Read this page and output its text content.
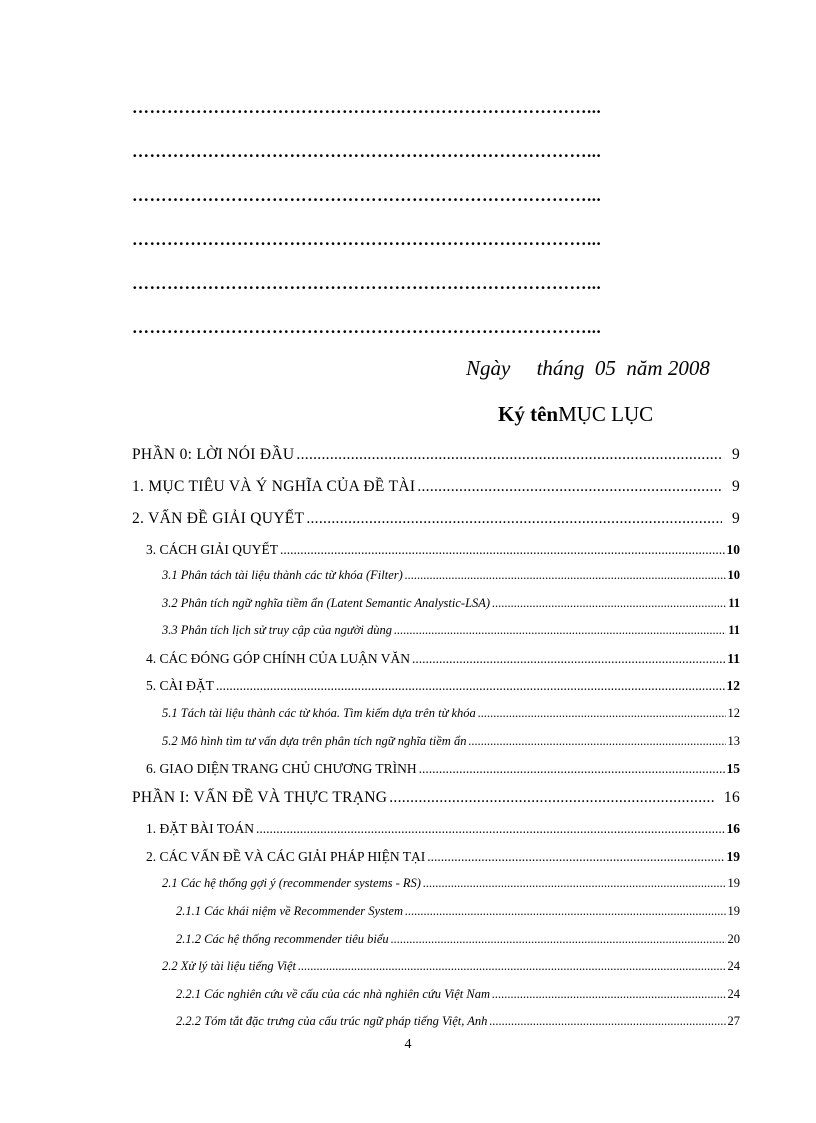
……………………………………………………………………...
……………………………………………………………………...
……………………………………………………………………...
……………………………………………………………………...
……………………………………………………………………...
……………………………………………………………………...
Ngày     tháng  05  năm 2008
Ký tênMỤC LỤC
PHẦN 0: LỜI NÓI ĐẦU .....	9
1. MỤC TIÊU VÀ Ý NGHĨA CỦA ĐỀ TÀI .....	9
2. VẤN ĐỀ GIẢI QUYẾT .....	9
3. CÁCH GIẢI QUYẾT .....	10
3.1 Phân tách tài liệu thành các từ khóa (Filter) .....	10
3.2 Phân tích ngữ nghĩa tiềm ẩn (Latent Semantic Analystic-LSA) .....	11
3.3 Phân tích lịch sử truy cập của người dùng .....	11
4. CÁC ĐÓNG GÓP CHÍNH CỦA LUẬN VĂN .....	11
5. CÀI ĐẶT .....	12
5.1 Tách tài liệu thành các từ khóa. Tìm kiếm dựa trên từ khóa .....	12
5.2 Mô hình tìm tư vấn dựa trên phân tích ngữ nghĩa tiềm ẩn .....	13
6. GIAO DIỆN TRANG CHỦ CHƯƠNG TRÌNH .....	15
PHẦN I: VẤN ĐỀ VÀ THỰC TRẠNG .....	16
1. ĐẶT BÀI TOÁN .....	16
2. CÁC VẤN ĐỀ VÀ CÁC GIẢI PHÁP HIỆN TẠI .....	19
2.1 Các hệ thống gợi ý (recommender systems - RS) .....	19
2.1.1 Các khái niệm về Recommender System .....	19
2.1.2 Các hệ thống recommender tiêu biểu .....	20
2.2 Xử lý tài liệu tiếng Việt .....	24
2.2.1 Các nghiên cứu về cấu của các nhà nghiên cứu Việt Nam .....	24
2.2.2 Tóm tắt đặc trưng của cấu trúc ngữ pháp tiếng Việt, Anh .....	27
4
